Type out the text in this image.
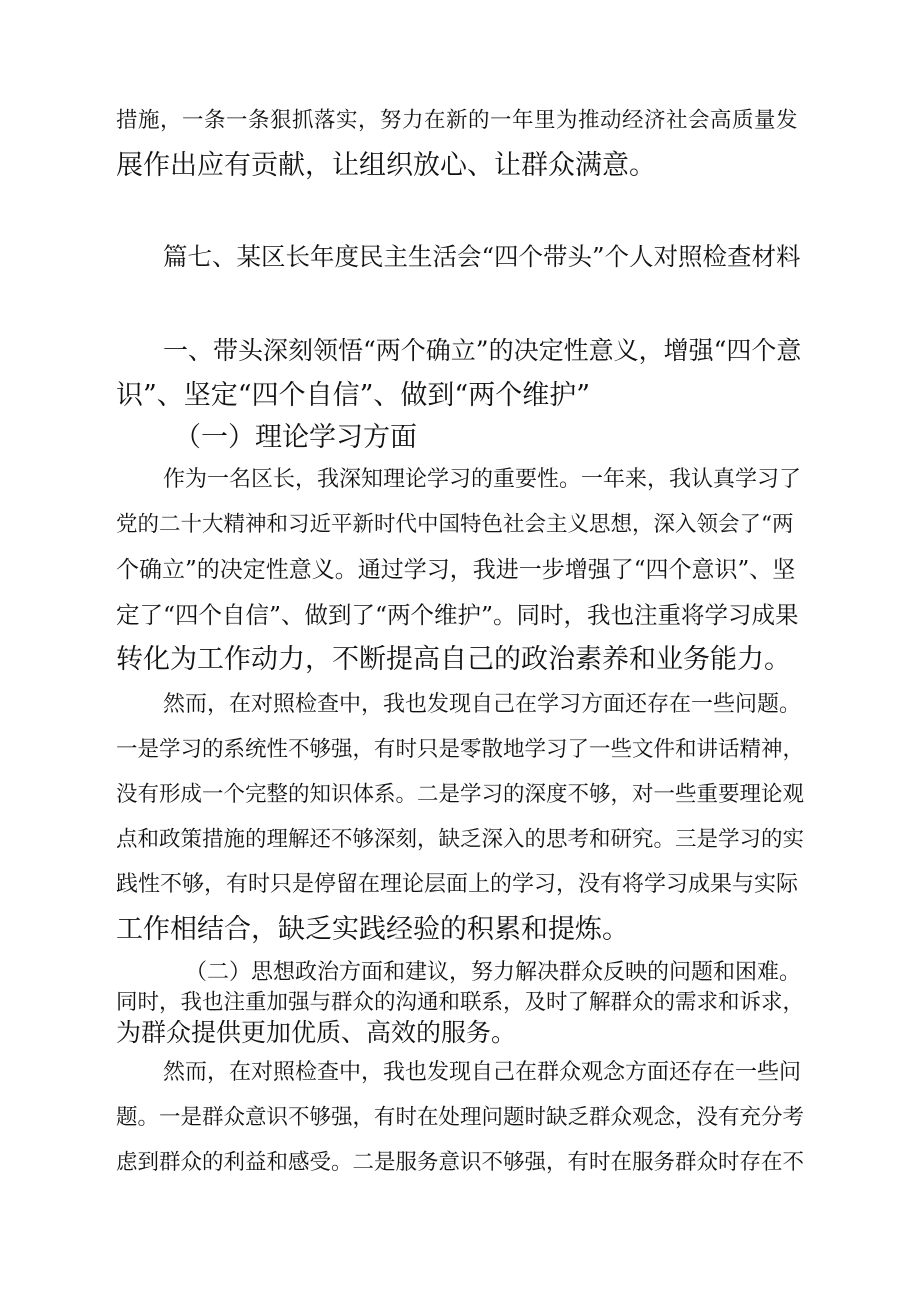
措施，一条一条狠抓落实，努力在新的一年里为推动经济社会高质量发

展作出应有贡献，让组织放心、让群众满意。

篇七、某区长年度民主生活会“四个带头”个人对照检查材料

一、带头深刻领悟“两个确立”的决定性意义，增强“四个意

识”、坚定“四个自信”、做到“两个维护”

（一）理论学习方面

作为一名区长，我深知理论学习的重要性。一年来，我认真学习了

党的二十大精神和习近平新时代中国特色社会主义思想，深入领会了“两

个确立”的决定性意义。通过学习，我进一步增强了“四个意识”、坚

定了“四个自信”、做到了“两个维护”。同时，我也注重将学习成果

转化为工作动力，不断提高自己的政治素养和业务能力。

然而，在对照检查中，我也发现自己在学习方面还存在一些问题。

一是学习的系统性不够强，有时只是零散地学习了一些文件和讲话精神，

没有形成一个完整的知识体系。二是学习的深度不够，对一些重要理论观

点和政策措施的理解还不够深刻，缺乏深入的思考和研究。三是学习的实

践性不够，有时只是停留在理论层面上的学习，没有将学习成果与实际

工作相结合，缺乏实践经验的积累和提炼。

（二）思想政治方面和建议，努力解决群众反映的问题和困难。

同时，我也注重加强与群众的沟通和联系，及时了解群众的需求和诉求，

为群众提供更加优质、高效的服务。

然而，在对照检查中，我也发现自己在群众观念方面还存在一些问

题。一是群众意识不够强，有时在处理问题时缺乏群众观念，没有充分考

虑到群众的利益和感受。二是服务意识不够强，有时在服务群众时存在不
